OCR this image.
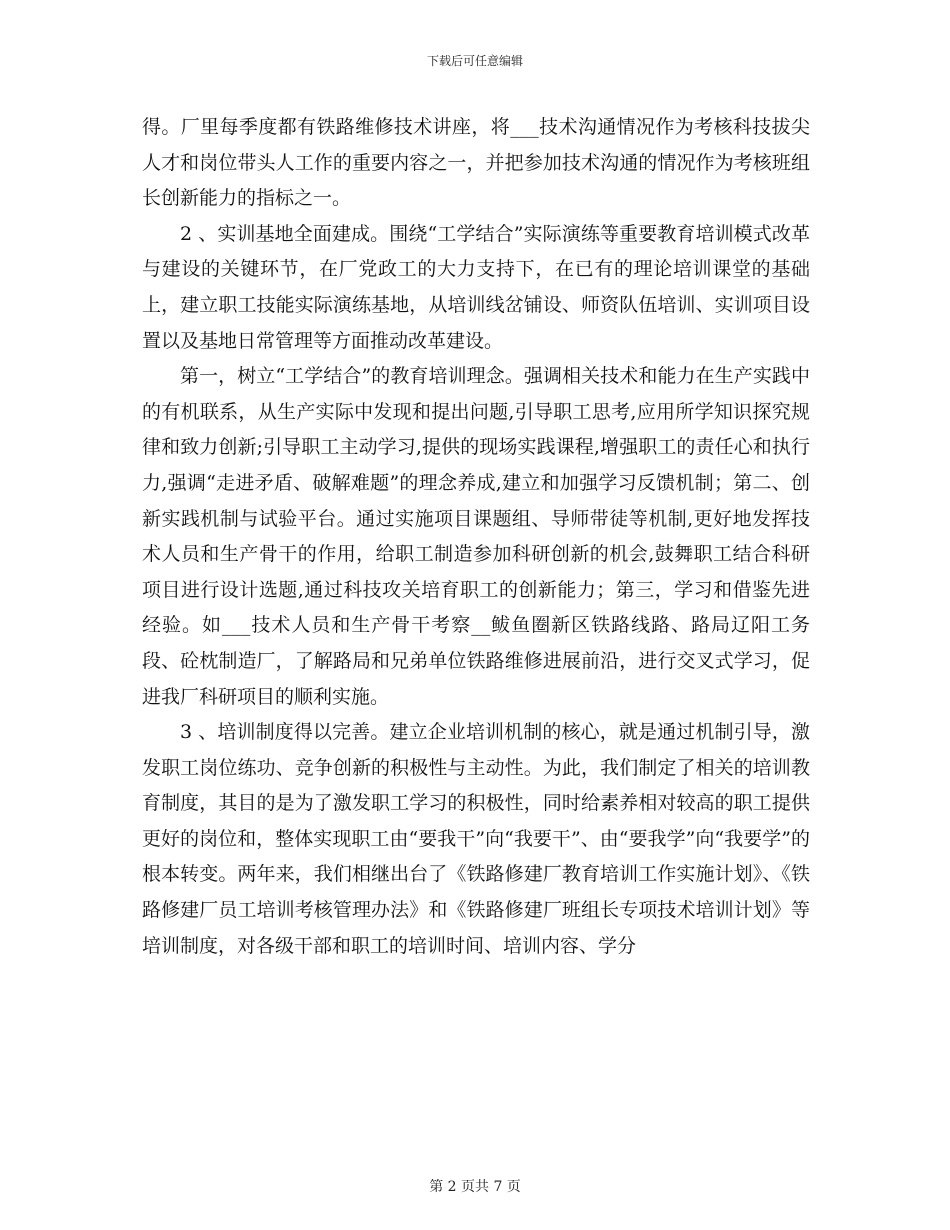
下载后可任意编辑

得。厂里每季度都有铁路维修技术讲座，将___技术沟通情况作为考核科技拔尖人才和岗位带头人工作的重要内容之一，并把参加技术沟通的情况作为考核班组长创新能力的指标之一。

2 、实训基地全面建成。围绕“工学结合”实际演练等重要教育培训模式改革与建设的关键环节，在厂党政工的大力支持下，在已有的理论培训课堂的基础上，建立职工技能实际演练基地，从培训线岔铺设、师资队伍培训、实训项目设置以及基地日常管理等方面推动改革建设。

第一，树立“工学结合”的教育培训理念。强调相关技术和能力在生产实践中的有机联系，从生产实际中发现和提出问题,引导职工思考,应用所学知识探究规律和致力创新;引导职工主动学习,提供的现场实践课程,增强职工的责任心和执行力,强调“走进矛盾、破解难题”的理念养成,建立和加强学习反馈机制；第二、创新实践机制与试验平台。通过实施项目课题组、导师带徒等机制,更好地发挥技术人员和生产骨干的作用，给职工制造参加科研创新的机会,鼓舞职工结合科研项目进行设计选题,通过科技攻关培育职工的创新能力；第三，学习和借鉴先进经验。如___技术人员和生产骨干考察__鲅鱼圈新区铁路线路、路局辽阳工务段、砼枕制造厂，了解路局和兄弟单位铁路维修进展前沿，进行交叉式学习，促进我厂科研项目的顺利实施。

3 、培训制度得以完善。建立企业培训机制的核心，就是通过机制引导，激发职工岗位练功、竞争创新的积极性与主动性。为此，我们制定了相关的培训教育制度，其目的是为了激发职工学习的积极性，同时给素养相对较高的职工提供更好的岗位和，整体实现职工由“要我干”向“我要干”、由“要我学”向“我要学”的根本转变。两年来，我们相继出台了《铁路修建厂教育培训工作实施计划》、《铁路修建厂员工培训考核管理办法》和《铁路修建厂班组长专项技术培训计划》等培训制度，对各级干部和职工的培训时间、培训内容、学分

第 2 页共 7 页
